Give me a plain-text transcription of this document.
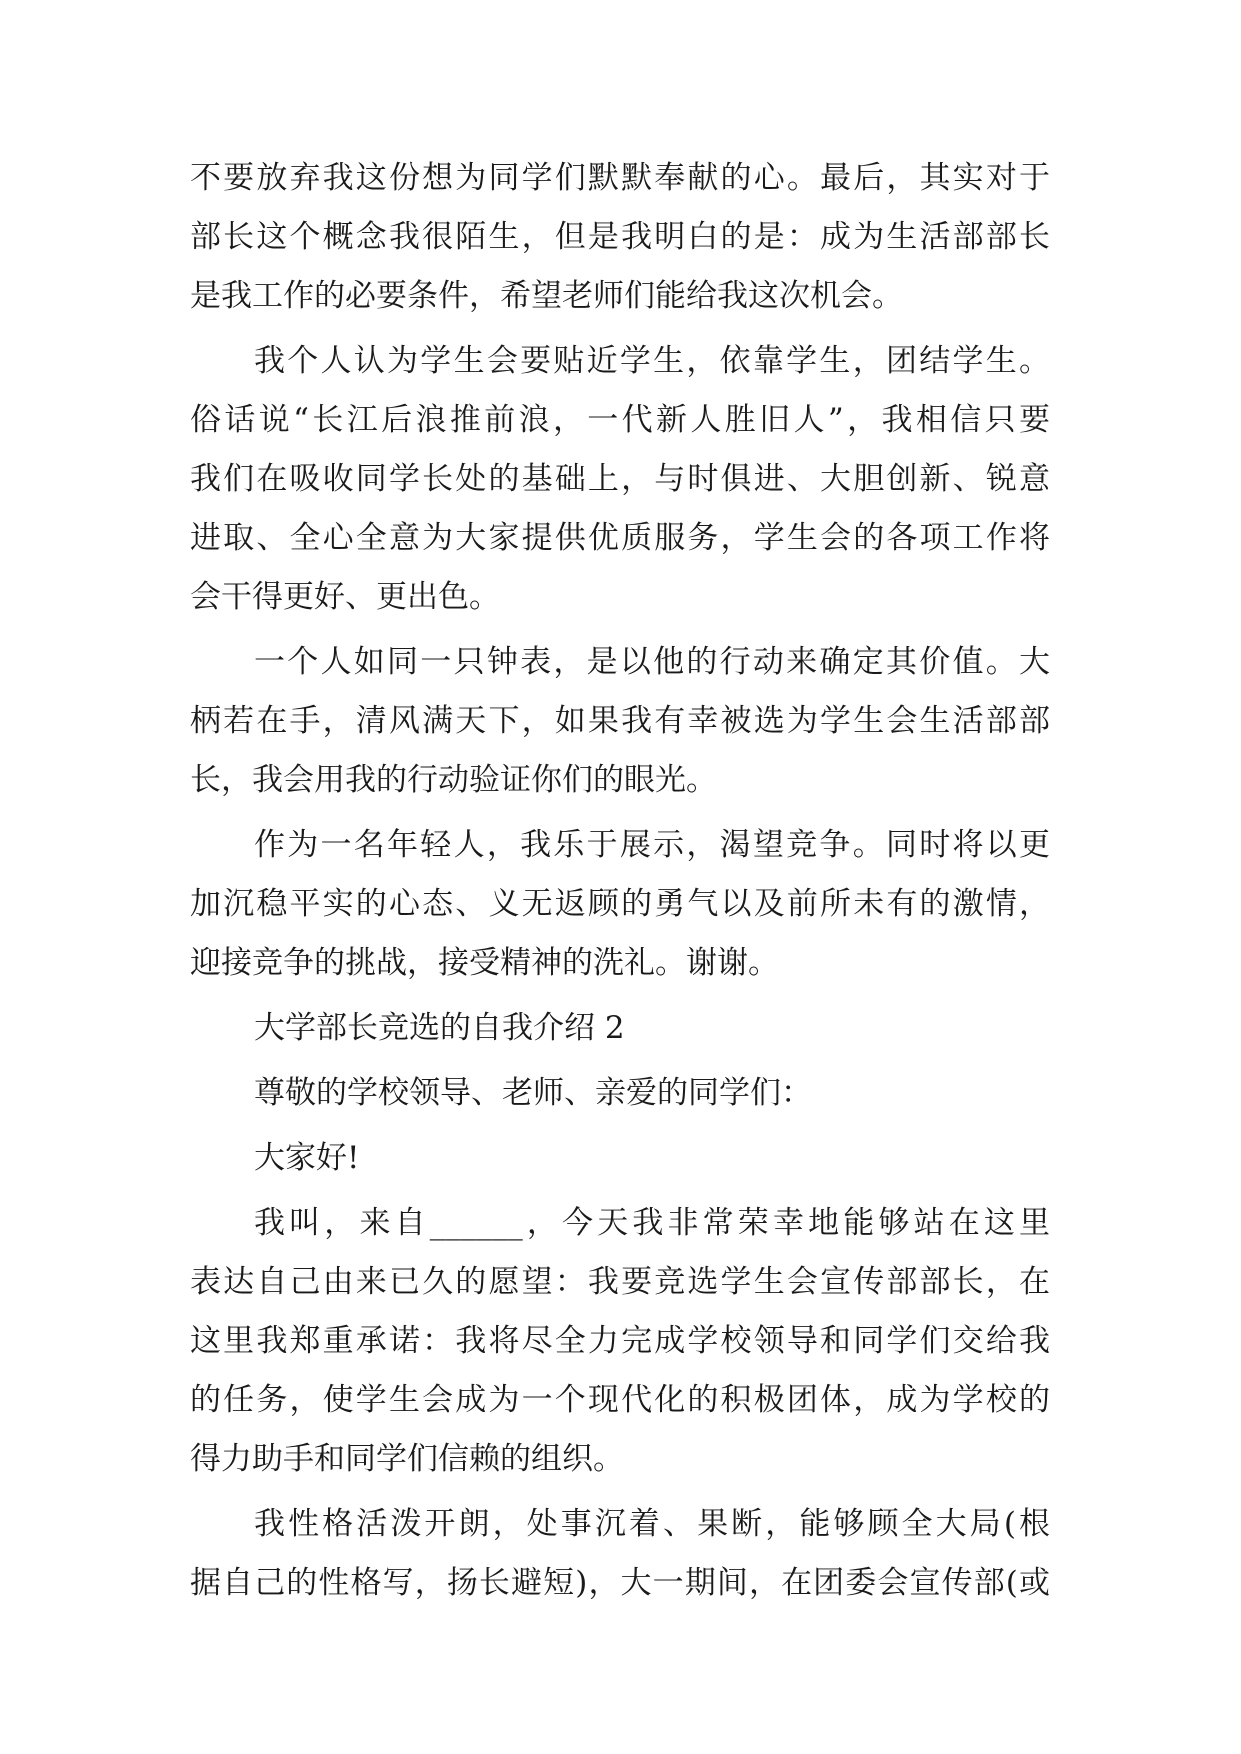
不要放弃我这份想为同学们默默奉献的心。最后，其实对于
部长这个概念我很陌生，但是我明白的是：成为生活部部长
是我工作的必要条件，希望老师们能给我这次机会。
我个人认为学生会要贴近学生，依靠学生，团结学生。
俗话说“长江后浪推前浪，一代新人胜旧人”，我相信只要
我们在吸收同学长处的基础上，与时俱进、大胆创新、锐意
进取、全心全意为大家提供优质服务，学生会的各项工作将
会干得更好、更出色。
一个人如同一只钟表，是以他的行动来确定其价值。大
柄若在手，清风满天下，如果我有幸被选为学生会生活部部
长，我会用我的行动验证你们的眼光。
作为一名年轻人，我乐于展示，渴望竞争。同时将以更
加沉稳平实的心态、义无返顾的勇气以及前所未有的激情，
迎接竞争的挑战，接受精神的洗礼。谢谢。
大学部长竞选的自我介绍 2
尊敬的学校领导、老师、亲爱的同学们：
大家好!
我叫，来自______，今天我非常荣幸地能够站在这里
表达自己由来已久的愿望：我要竞选学生会宣传部部长，在
这里我郑重承诺：我将尽全力完成学校领导和同学们交给我
的任务，使学生会成为一个现代化的积极团体，成为学校的
得力助手和同学们信赖的组织。
我性格活泼开朗，处事沉着、果断，能够顾全大局(根
据自己的性格写，扬长避短)，大一期间，在团委会宣传部(或
